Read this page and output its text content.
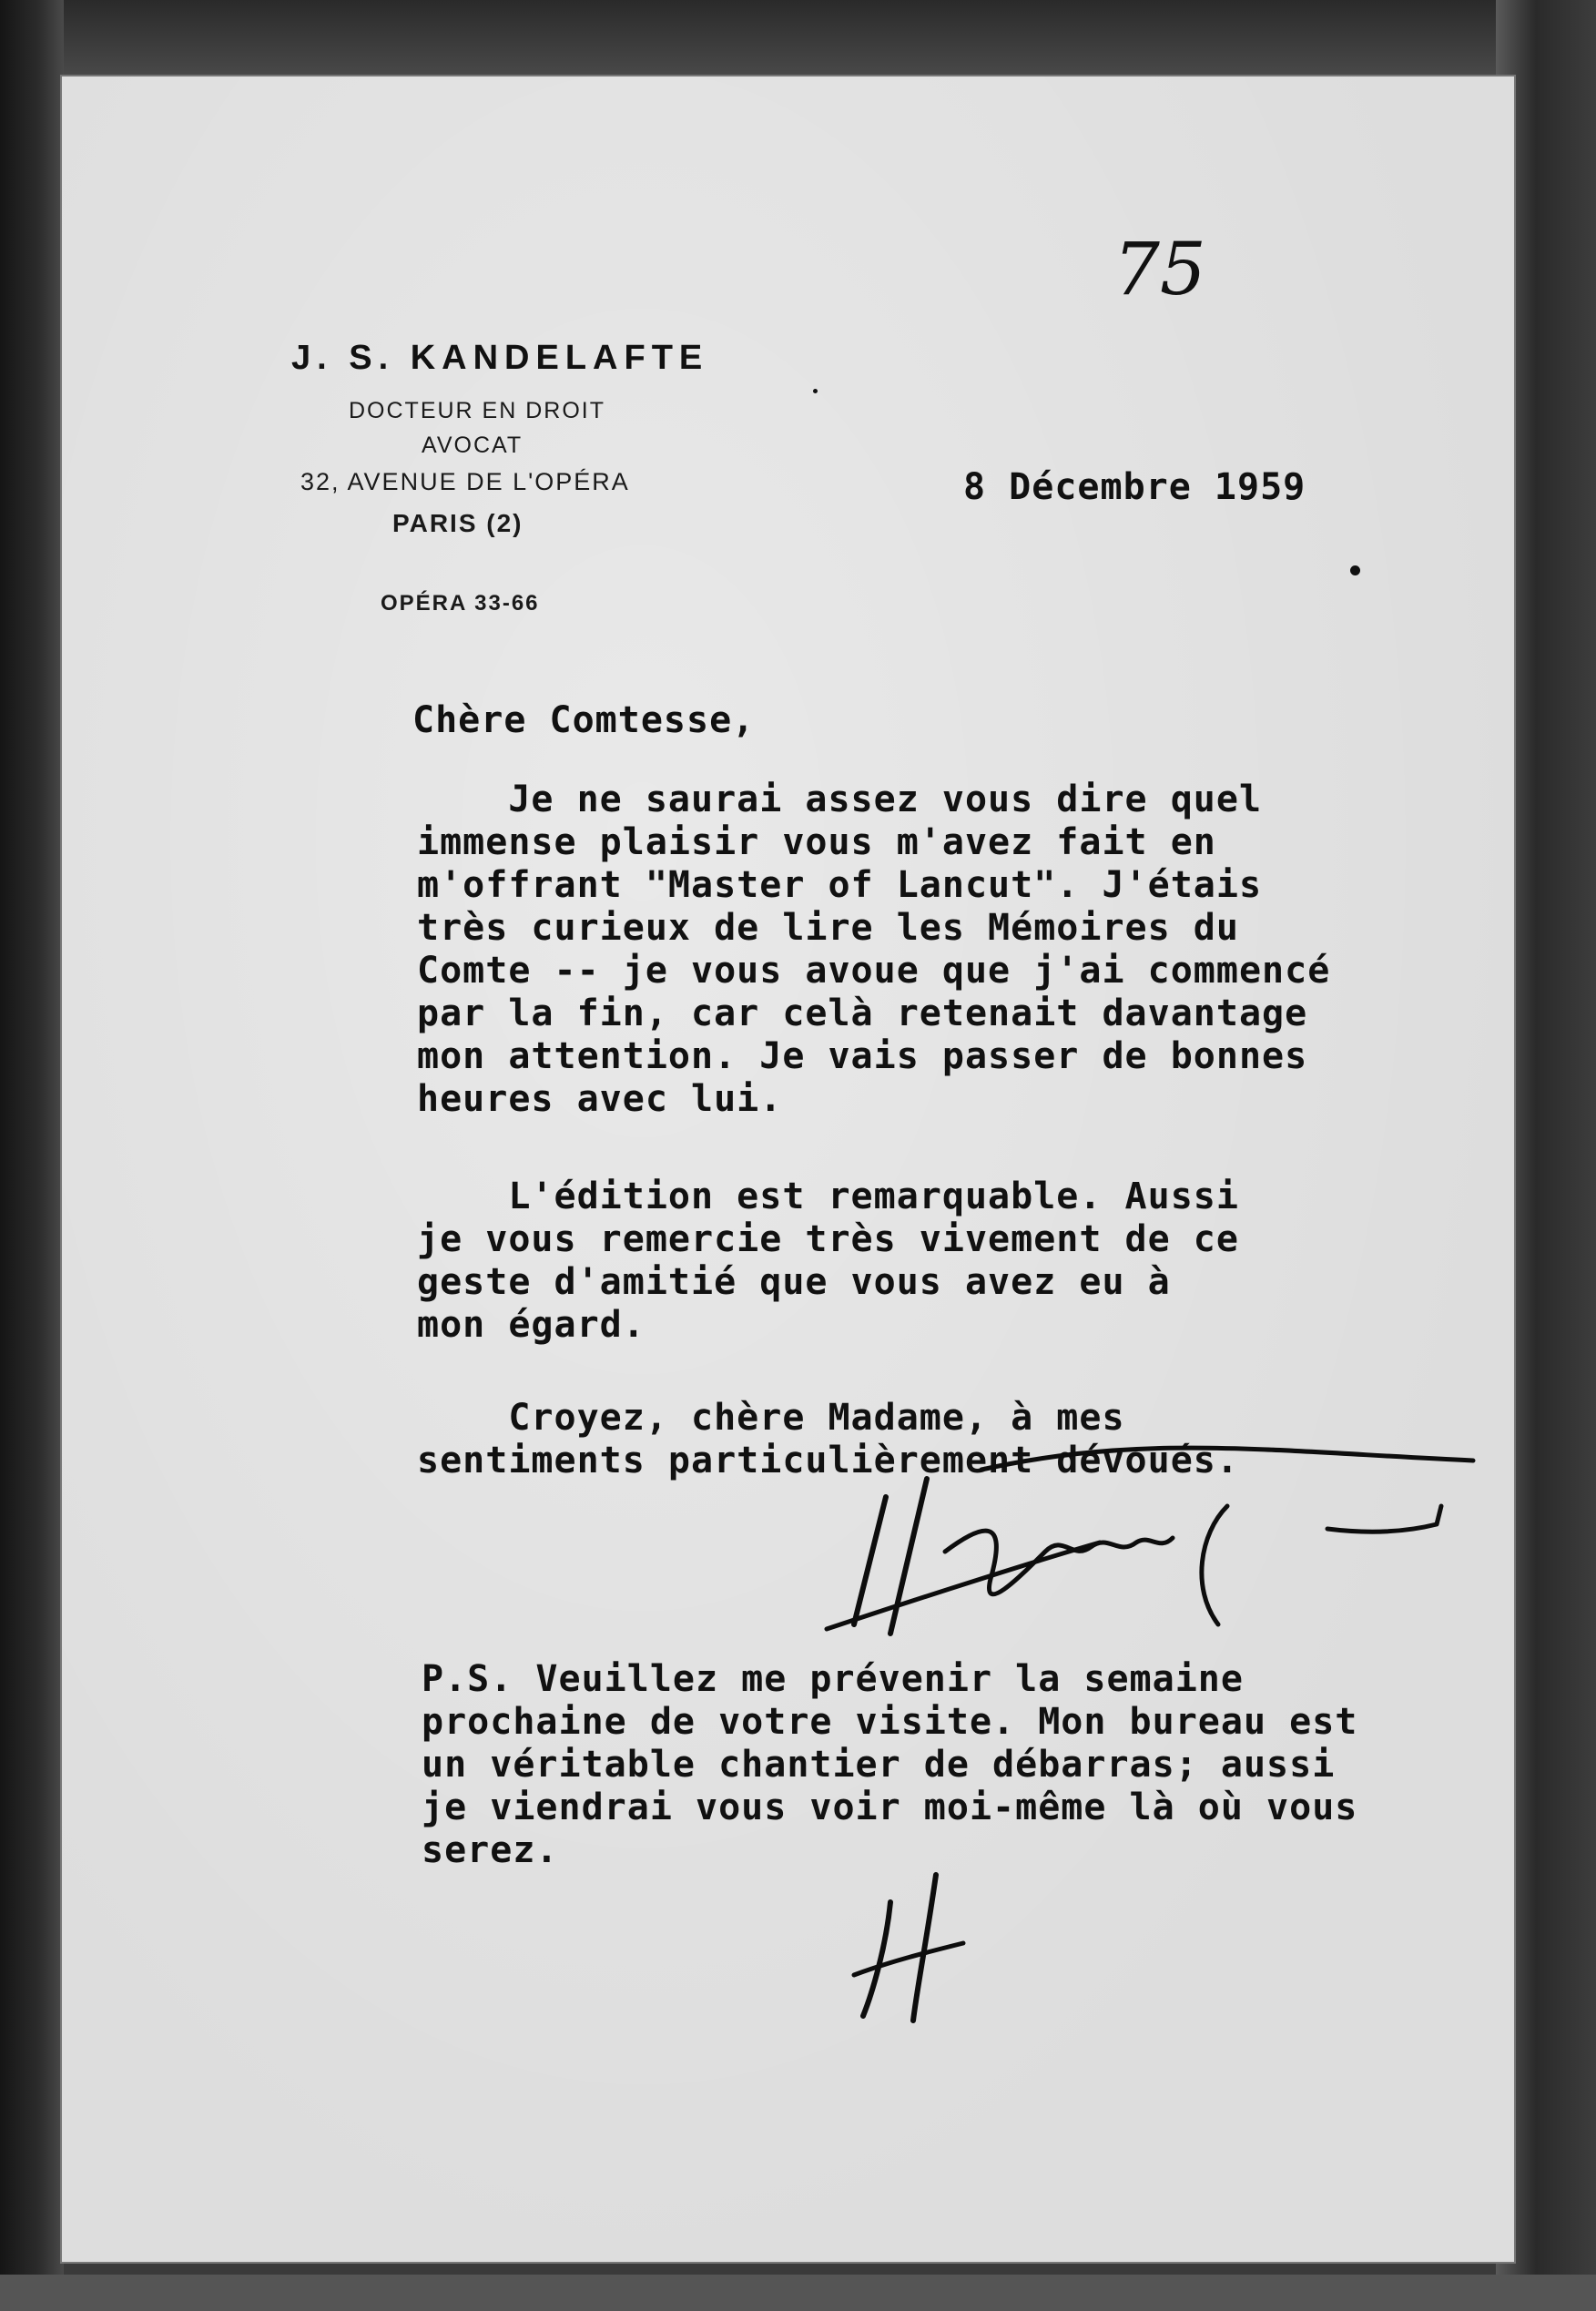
75
J. S. KANDELAFTE
DOCTEUR EN DROIT
AVOCAT
32, AVENUE DE L'OPÉRA
PARIS (2)
OPÉRA 33-66
8 Décembre 1959
Chère Comtesse,
Je ne saurai assez vous dire quel
immense plaisir vous m'avez fait en
m'offrant "Master of Lancut". J'étais
très curieux de lire les Mémoires du
Comte -- je vous avoue que j'ai commencé
par la fin, car celà retenait davantage
mon attention. Je vais passer de bonnes
heures avec lui.
L'édition est remarquable. Aussi
je vous remercie très vivement de ce
geste d'amitié que vous avez eu à
mon égard.
Croyez, chère Madame, à mes
sentiments particulièrement dévoués.
P.S. Veuillez me prévenir la semaine
prochaine de votre visite. Mon bureau est
un véritable chantier de débarras; aussi
je viendrai vous voir moi-même là où vous
serez.
